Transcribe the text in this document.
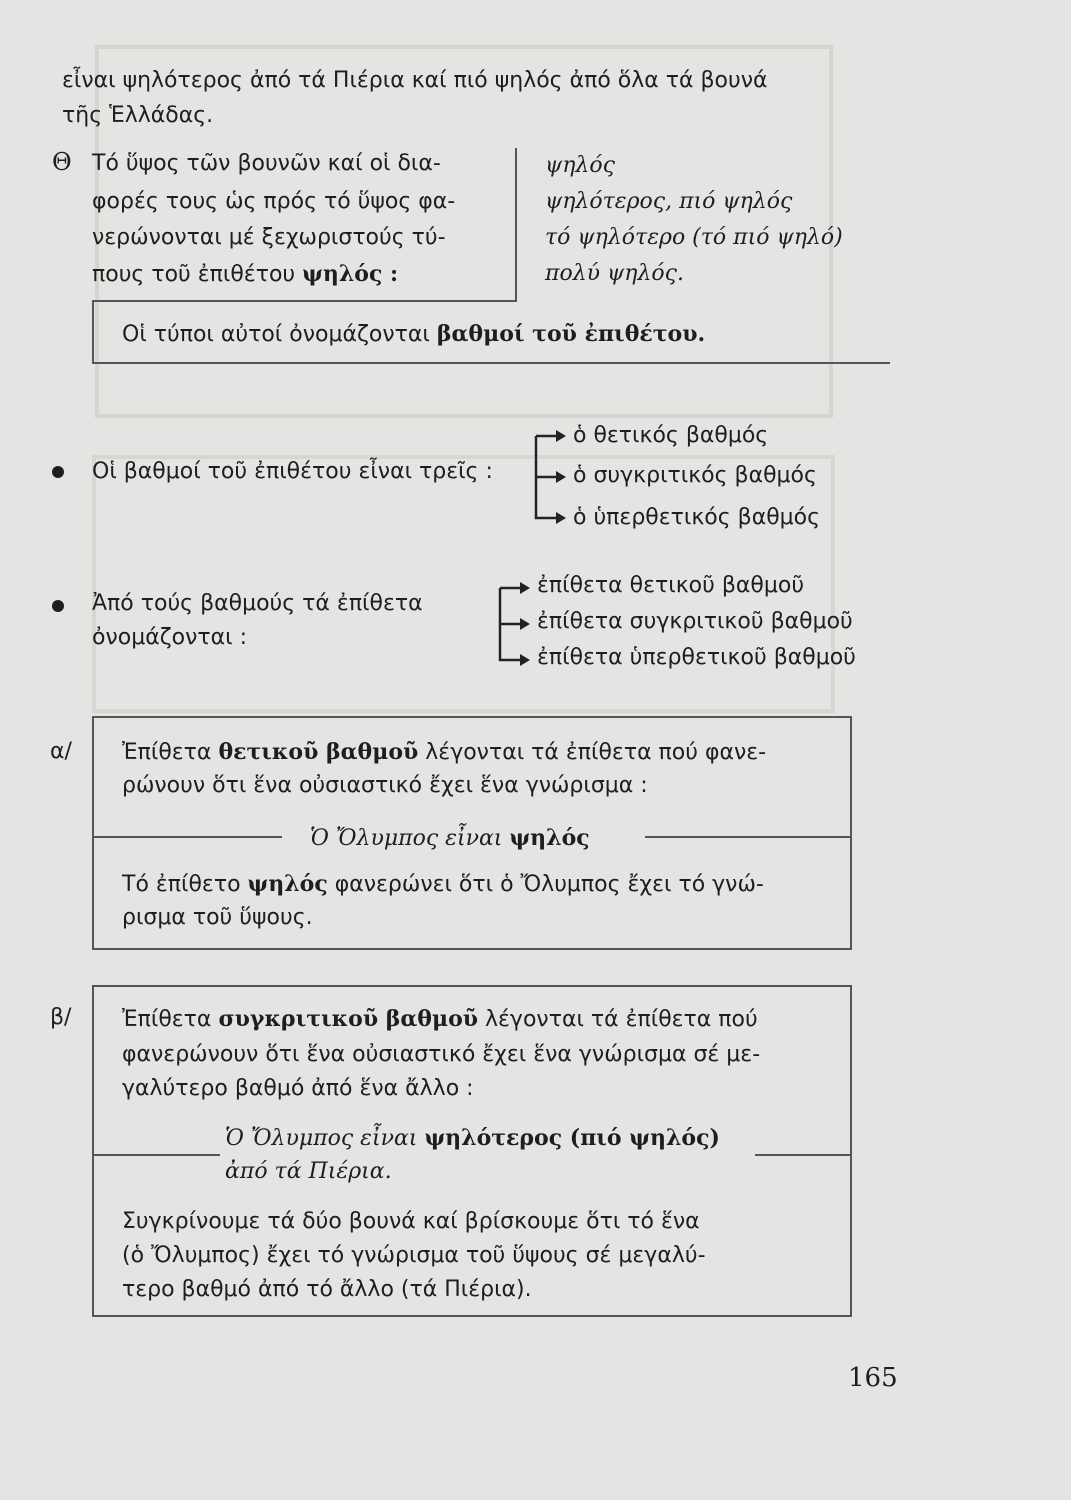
εἶναι ψηλότερος ἀπό τά Πιέρια καί πιό ψηλός ἀπό ὅλα τά βουνά
τῆς Ἑλλάδας.
Θ Τό ὕψος τῶν βουνῶν καί οἱ δια-
φορές τους ὡς πρός τό ὕψος φα-
νερώνονται μέ ξεχωριστούς τύ-
πους τοῦ ἐπιθέτου ψηλός :
ψηλός
ψηλότερος, πιό ψηλός
τό ψηλότερο (τό πιό ψηλό)
πολύ ψηλός.
Οἱ τύποι αὐτοί ὀνομάζονται βαθμοί τοῦ ἐπιθέτου.
Οἱ βαθμοί τοῦ ἐπιθέτου εἶναι τρεῖς :
ὁ θετικός βαθμός
ὁ συγκριτικός βαθμός
ὁ ὑπερθετικός βαθμός
Ἀπό τούς βαθμούς τά ἐπίθετα
ὀνομάζονται :
ἐπίθετα θετικοῦ βαθμοῦ
ἐπίθετα συγκριτικοῦ βαθμοῦ
ἐπίθετα ὑπερθετικοῦ βαθμοῦ
α/ Ἐπίθετα θετικοῦ βαθμοῦ λέγονται τά ἐπίθετα πού φανε-
ρώνουν ὅτι ἕνα οὐσιαστικό ἔχει ἕνα γνώρισμα :
Ὁ Ὄλυμπος εἶναι ψηλός
Τό ἐπίθετο ψηλός φανερώνει ὅτι ὁ Ὄλυμπος ἔχει τό γνώ-
ρισμα τοῦ ὕψους.
β/ Ἐπίθετα συγκριτικοῦ βαθμοῦ λέγονται τά ἐπίθετα πού
φανερώνουν ὅτι ἕνα οὐσιαστικό ἔχει ἕνα γνώρισμα σέ με-
γαλύτερο βαθμό ἀπό ἕνα ἄλλο :
Ὁ Ὄλυμπος εἶναι ψηλότερος (πιό ψηλός)
ἀπό τά Πιέρια.
Συγκρίνουμε τά δύο βουνά καί βρίσκουμε ὅτι τό ἕνα
(ὁ Ὄλυμπος) ἔχει τό γνώρισμα τοῦ ὕψους σέ μεγαλύ-
τερο βαθμό ἀπό τό ἄλλο (τά Πιέρια).
165
